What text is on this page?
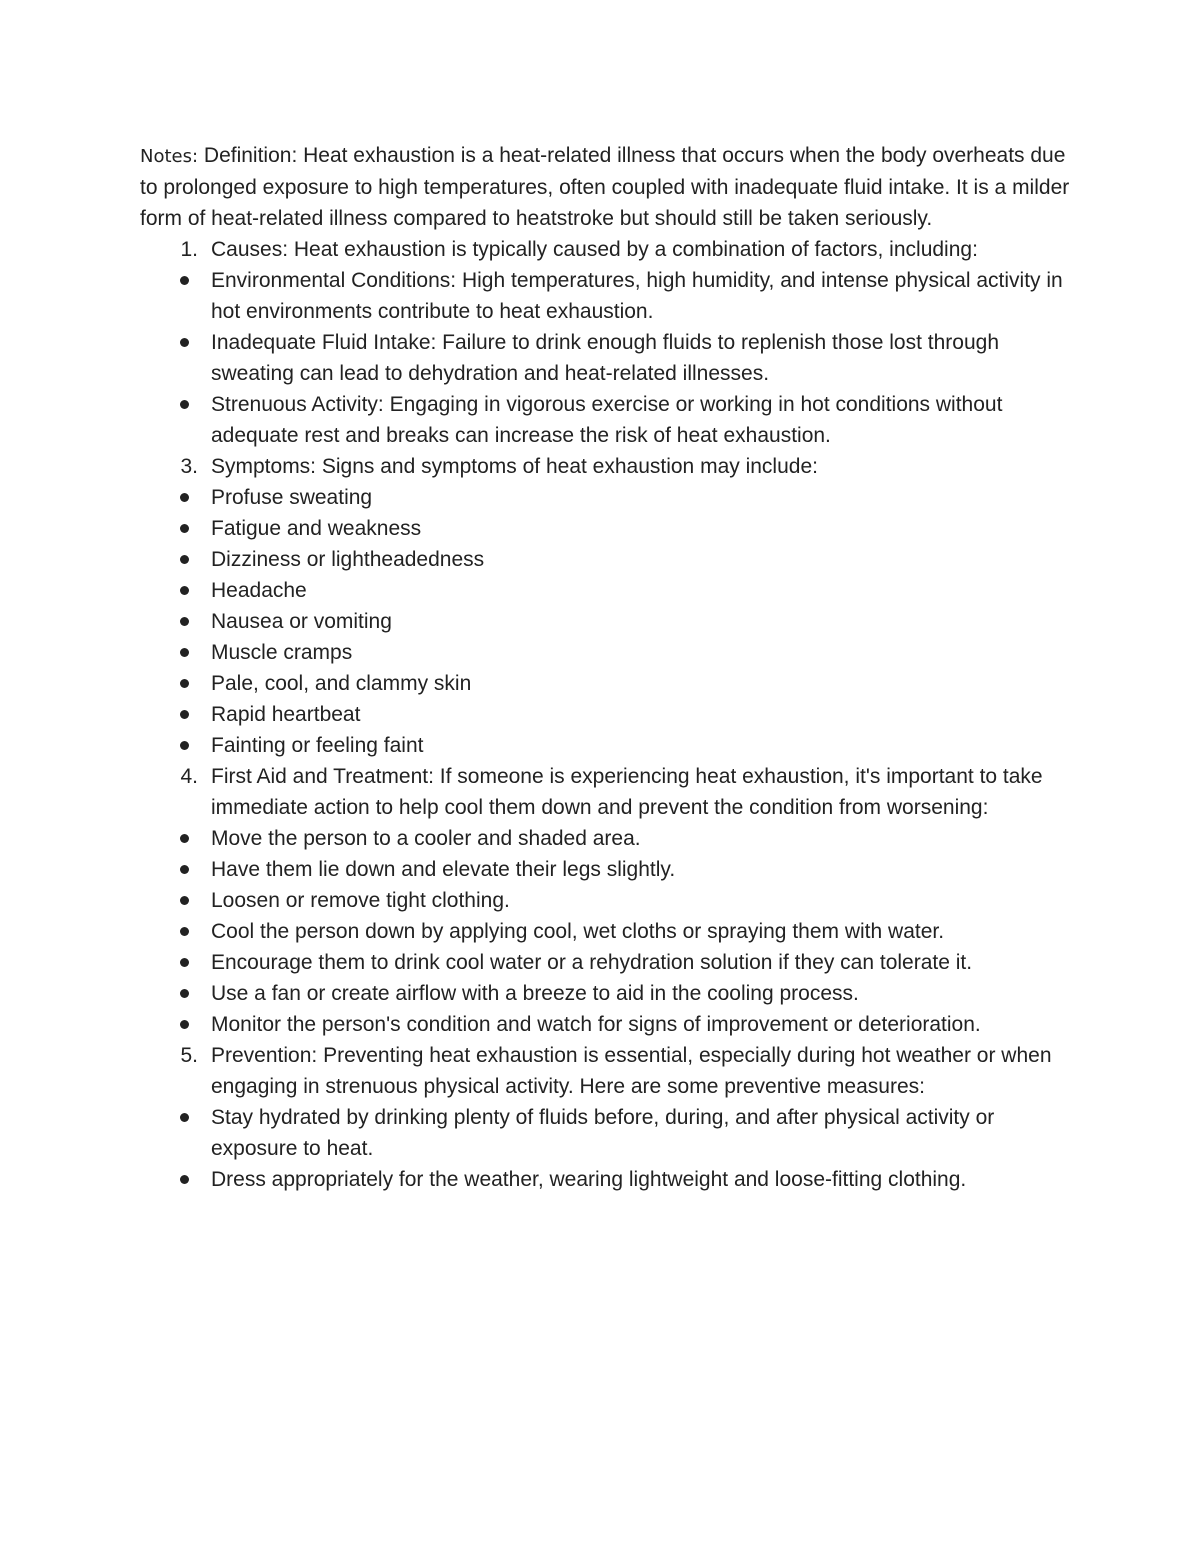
Notes: Definition: Heat exhaustion is a heat-related illness that occurs when the body overheats due to prolonged exposure to high temperatures, often coupled with inadequate fluid intake. It is a milder form of heat-related illness compared to heatstroke but should still be taken seriously.

1. Causes: Heat exhaustion is typically caused by a combination of factors, including:
Environmental Conditions: High temperatures, high humidity, and intense physical activity in hot environments contribute to heat exhaustion.
Inadequate Fluid Intake: Failure to drink enough fluids to replenish those lost through sweating can lead to dehydration and heat-related illnesses.
Strenuous Activity: Engaging in vigorous exercise or working in hot conditions without adequate rest and breaks can increase the risk of heat exhaustion.
3. Symptoms: Signs and symptoms of heat exhaustion may include:
Profuse sweating
Fatigue and weakness
Dizziness or lightheadedness
Headache
Nausea or vomiting
Muscle cramps
Pale, cool, and clammy skin
Rapid heartbeat
Fainting or feeling faint
4. First Aid and Treatment: If someone is experiencing heat exhaustion, it's important to take immediate action to help cool them down and prevent the condition from worsening:
Move the person to a cooler and shaded area.
Have them lie down and elevate their legs slightly.
Loosen or remove tight clothing.
Cool the person down by applying cool, wet cloths or spraying them with water.
Encourage them to drink cool water or a rehydration solution if they can tolerate it.
Use a fan or create airflow with a breeze to aid in the cooling process.
Monitor the person's condition and watch for signs of improvement or deterioration.
5. Prevention: Preventing heat exhaustion is essential, especially during hot weather or when engaging in strenuous physical activity. Here are some preventive measures:
Stay hydrated by drinking plenty of fluids before, during, and after physical activity or exposure to heat.
Dress appropriately for the weather, wearing lightweight and loose-fitting clothing.
